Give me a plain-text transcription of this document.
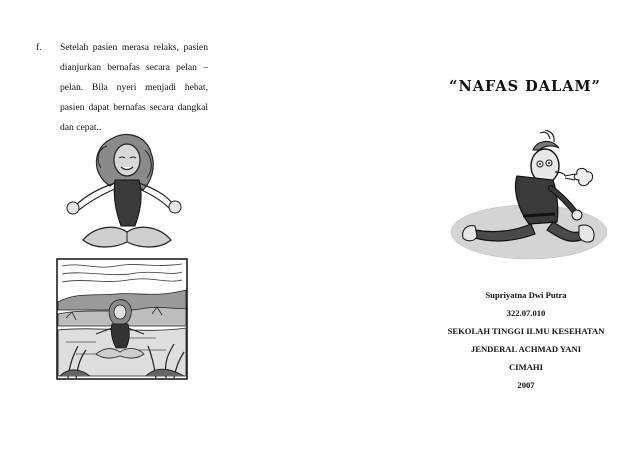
f.	Setelah pasien merasa relaks, pasien dianjurkan bernafas secara pelan – pelan. Bila nyeri menjadi hebat, pasien dapat bernafas secara dangkal dan cepat..
“NAFAS DALAM”
Supriyatna Dwi Putra
322.07.010
SEKOLAH TINGGI ILMU KESEHATAN
JENDERAL ACHMAD YANI
CIMAHI
2007
